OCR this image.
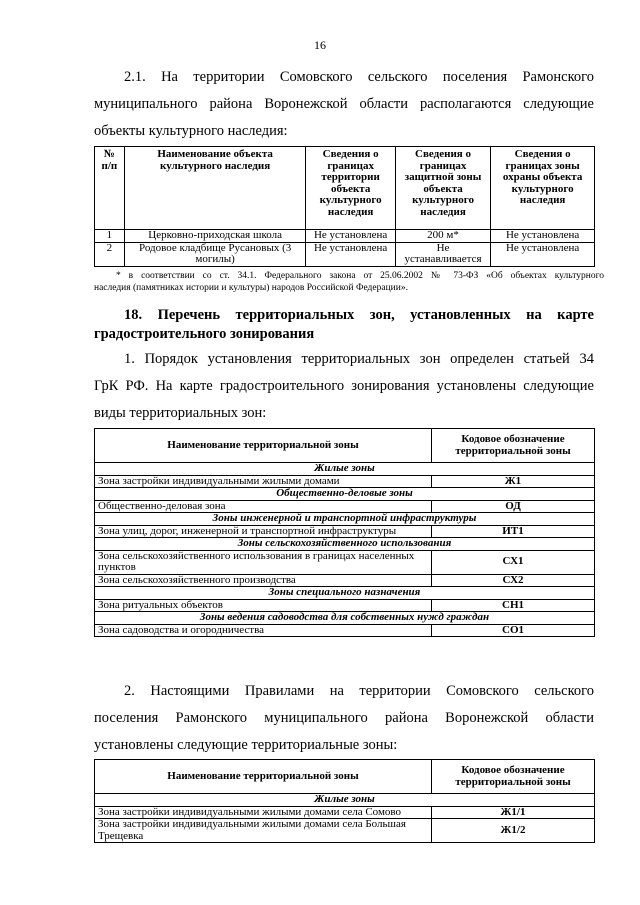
16
2.1. На территории Сомовского сельского поселения Рамонского
муниципального района Воронежской области располагаются следующие
объекты культурного наследия:
№ п/п	Наименование объекта культурного наследия	Сведения о границах территории объекта культурного наследия	Сведения о границах защитной зоны объекта культурного наследия	Сведения о границах зоны охраны объекта культурного наследия
1	Церковно-приходская школа	Не установлена	200 м*	Не установлена
2	Родовое кладбище Русановых (3 могилы)	Не установлена	Не устанавливается	Не установлена
* в соответствии со ст. 34.1. Федерального закона от 25.06.2002 № 73-ФЗ «Об объектах культурного
наследия (памятниках истории и культуры) народов Российской Федерации».
18. Перечень территориальных зон, установленных на карте
градостроительного зонирования
1. Порядок установления территориальных зон определен статьей 34
ГрК РФ. На карте градостроительного зонирования установлены следующие
виды территориальных зон:
Наименование территориальной зоны	Кодовое обозначение территориальной зоны
Жилые зоны	
Зона застройки индивидуальными жилыми домами	Ж1
Общественно-деловые зоны	
Общественно-деловая зона	ОД
Зоны инженерной и транспортной инфраструктуры	
Зона улиц, дорог, инженерной и транспортной инфраструктуры	ИТ1
Зоны сельскохозяйственного использования	
Зона сельскохозяйственного использования в границах населенных пунктов	СХ1
Зона сельскохозяйственного производства	СХ2
Зоны специального назначения	
Зона ритуальных объектов	СН1
Зоны ведения садоводства для собственных нужд граждан	
Зона садоводства и огородничества	СО1
2. Настоящими Правилами на территории Сомовского сельского
поселения Рамонского муниципального района Воронежской области
установлены следующие территориальные зоны:
Наименование территориальной зоны	Кодовое обозначение территориальной зоны
Жилые зоны	
Зона застройки индивидуальными жилыми домами села Сомово	Ж1/1
Зона застройки индивидуальными жилыми домами села Большая Трещевка	Ж1/2
